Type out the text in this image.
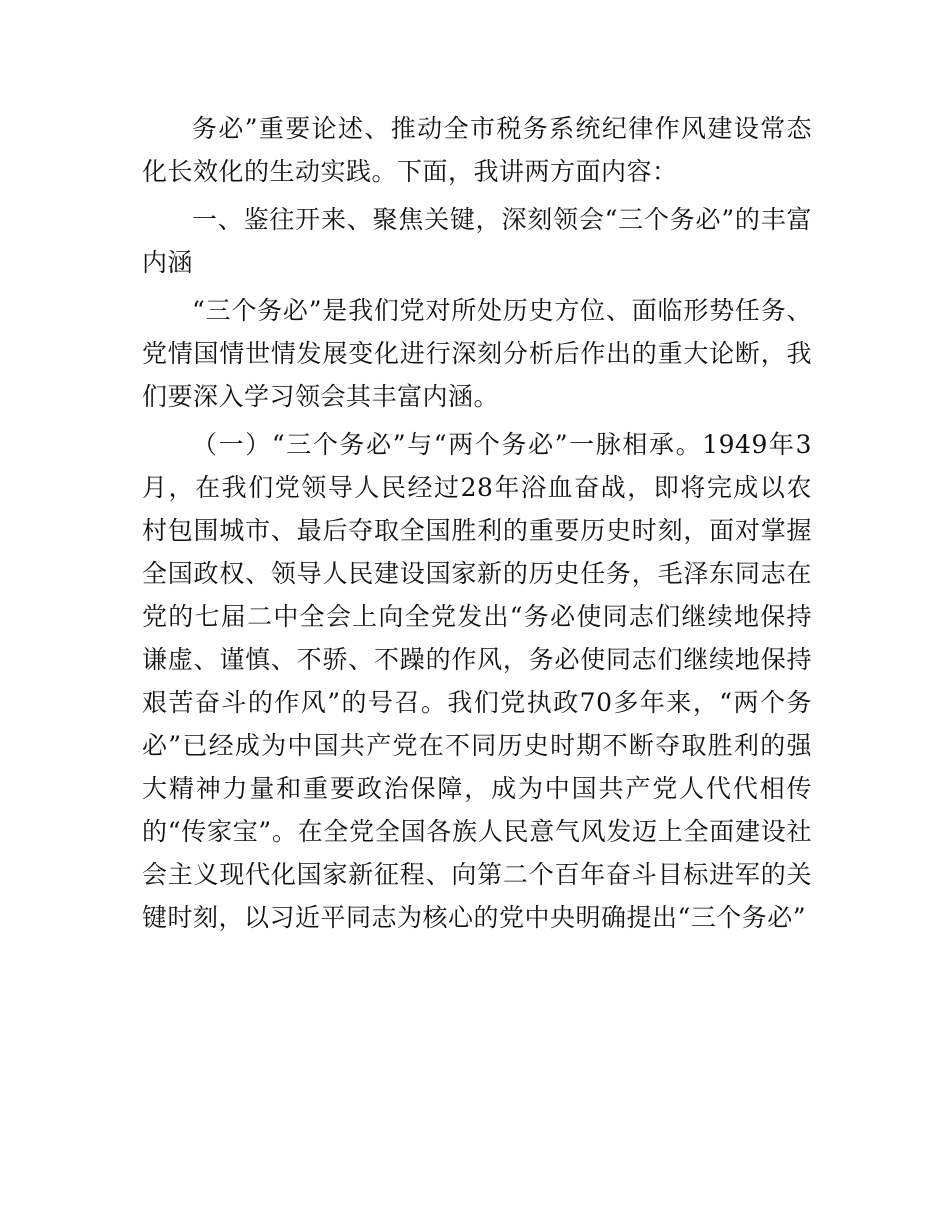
务必”重要论述、推动全市税务系统纪律作风建设常态化长效化的生动实践。下面，我讲两方面内容：

一、鉴往开来、聚焦关键，深刻领会“三个务必”的丰富内涵

“三个务必”是我们党对所处历史方位、面临形势任务、党情国情世情发展变化进行深刻分析后作出的重大论断，我们要深入学习领会其丰富内涵。

（一）“三个务必”与“两个务必”一脉相承。1949年3月，在我们党领导人民经过28年浴血奋战，即将完成以农村包围城市、最后夺取全国胜利的重要历史时刻，面对掌握全国政权、领导人民建设国家新的历史任务，毛泽东同志在党的七届二中全会上向全党发出“务必使同志们继续地保持谦虚、谨慎、不骄、不躁的作风，务必使同志们继续地保持艰苦奋斗的作风”的号召。我们党执政70多年来，“两个务必”已经成为中国共产党在不同历史时期不断夺取胜利的强大精神力量和重要政治保障，成为中国共产党人代代相传的“传家宝”。在全党全国各族人民意气风发迈上全面建设社会主义现代化国家新征程、向第二个百年奋斗目标进军的关键时刻，以习近平同志为核心的党中央明确提出“三个务必”
